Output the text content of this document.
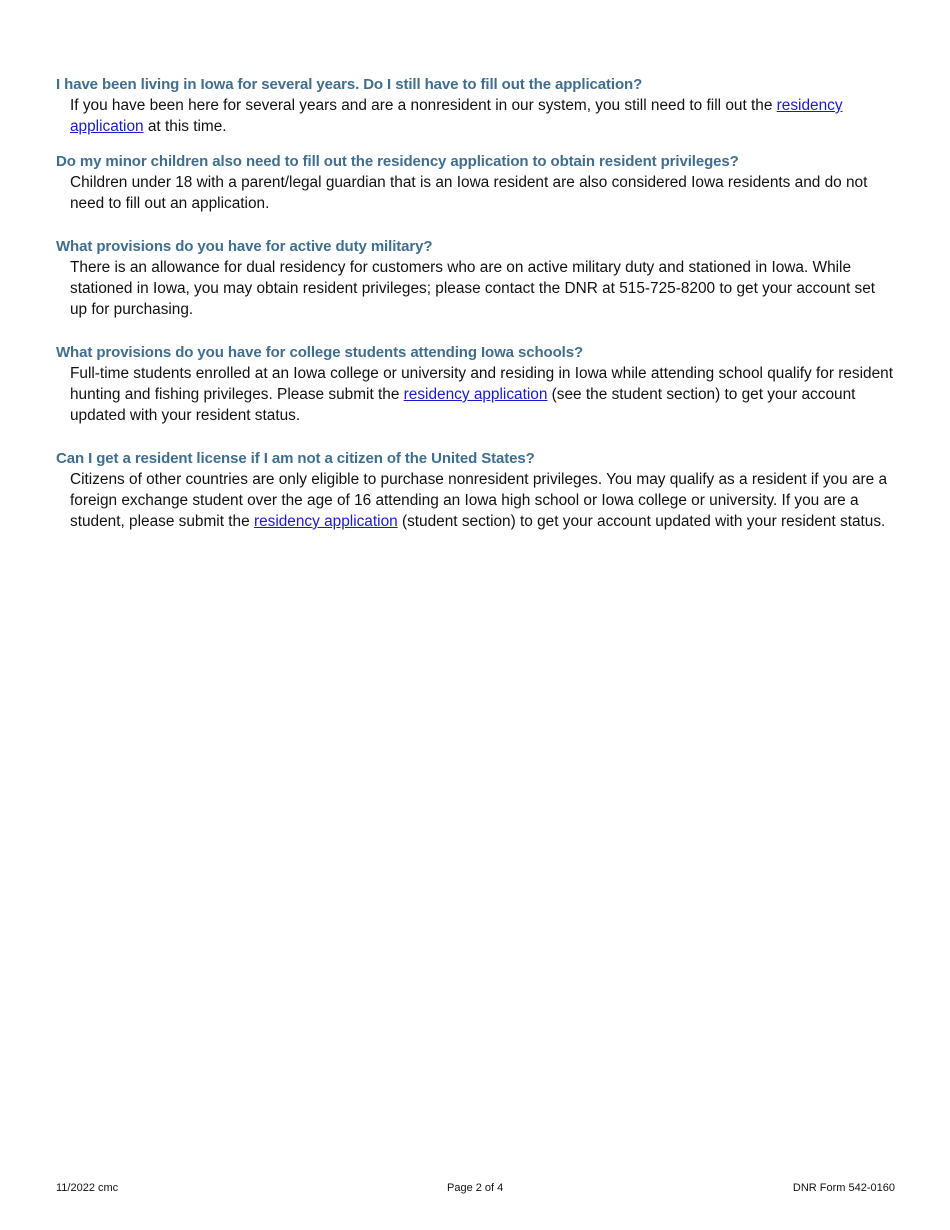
I have been living in Iowa for several years. Do I still have to fill out the application?

If you have been here for several years and are a nonresident in our system, you still need to fill out the residency application at this time.

Do my minor children also need to fill out the residency application to obtain resident privileges?

Children under 18 with a parent/legal guardian that is an Iowa resident are also considered Iowa residents and do not need to fill out an application.

What provisions do you have for active duty military?

There is an allowance for dual residency for customers who are on active military duty and stationed in Iowa. While stationed in Iowa, you may obtain resident privileges; please contact the DNR at 515-725-8200 to get your account set up for purchasing.

What provisions do you have for college students attending Iowa schools?

Full-time students enrolled at an Iowa college or university and residing in Iowa while attending school qualify for resident hunting and fishing privileges. Please submit the residency application (see the student section) to get your account updated with your resident status.

Can I get a resident license if I am not a citizen of the United States?

Citizens of other countries are only eligible to purchase nonresident privileges. You may qualify as a resident if you are a foreign exchange student over the age of 16 attending an Iowa high school or Iowa college or university. If you are a student, please submit the residency application (student section) to get your account updated with your resident status.

11/2022 cmc	Page 2 of 4	DNR Form 542-0160
